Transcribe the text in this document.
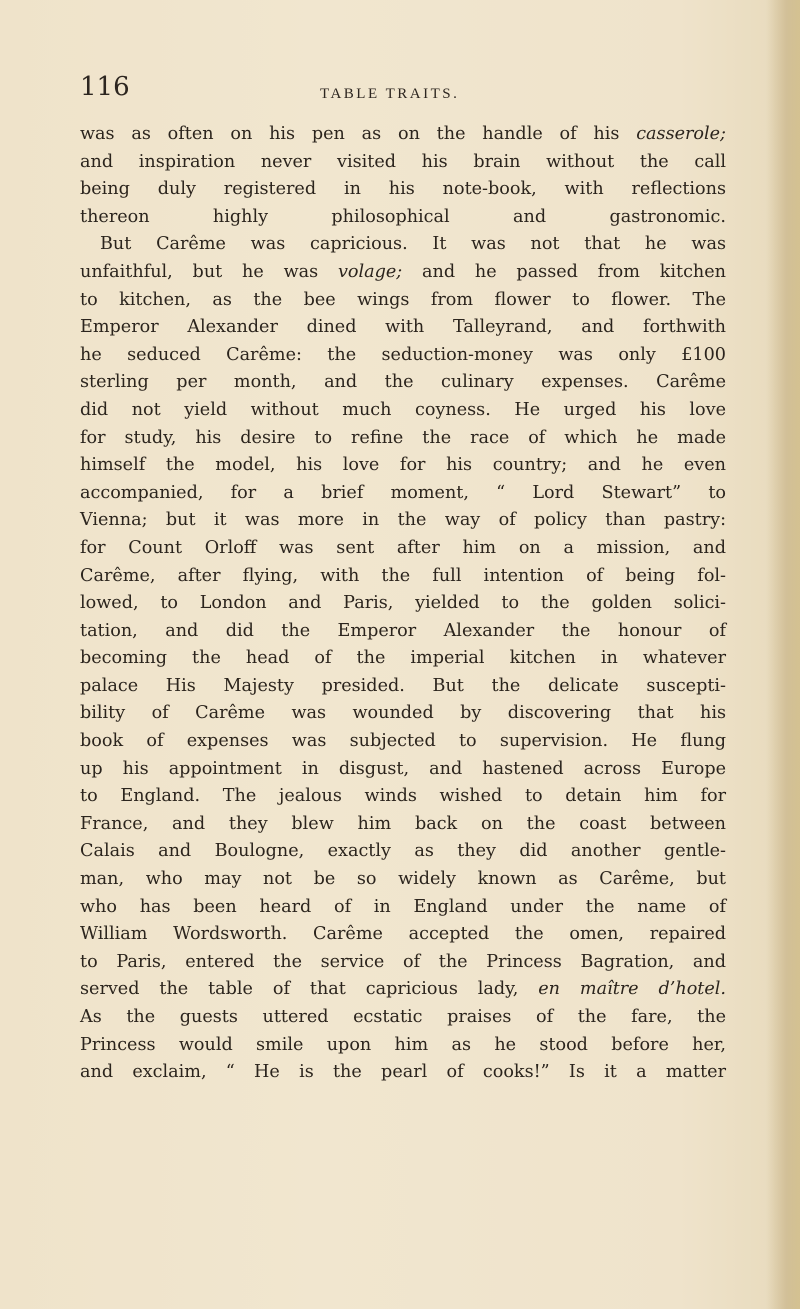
116	TABLE TRAITS.
was as often on his pen as on the handle of his casserole;
and inspiration never visited his brain without the call
being duly registered in his note-book, with reflections
thereon highly philosophical and gastronomic.
But Carême was capricious. It was not that he was
unfaithful, but he was volage; and he passed from kitchen
to kitchen, as the bee wings from flower to flower. The
Emperor Alexander dined with Talleyrand, and forthwith
he seduced Carême: the seduction-money was only £100
sterling per month, and the culinary expenses. Carême
did not yield without much coyness. He urged his love
for study, his desire to refine the race of which he made
himself the model, his love for his country; and he even
accompanied, for a brief moment, “ Lord Stewart” to
Vienna; but it was more in the way of policy than pastry:
for Count Orloff was sent after him on a mission, and
Carême, after flying, with the full intention of being fol-
lowed, to London and Paris, yielded to the golden solici-
tation, and did the Emperor Alexander the honour of
becoming the head of the imperial kitchen in whatever
palace His Majesty presided. But the delicate suscepti-
bility of Carême was wounded by discovering that his
book of expenses was subjected to supervision. He flung
up his appointment in disgust, and hastened across Europe
to England. The jealous winds wished to detain him for
France, and they blew him back on the coast between
Calais and Boulogne, exactly as they did another gentle-
man, who may not be so widely known as Carême, but
who has been heard of in England under the name of
William Wordsworth. Carême accepted the omen, repaired
to Paris, entered the service of the Princess Bagration, and
served the table of that capricious lady, en maître d’hotel.
As the guests uttered ecstatic praises of the fare, the
Princess would smile upon him as he stood before her,
and exclaim, “ He is the pearl of cooks!” Is it a matter
